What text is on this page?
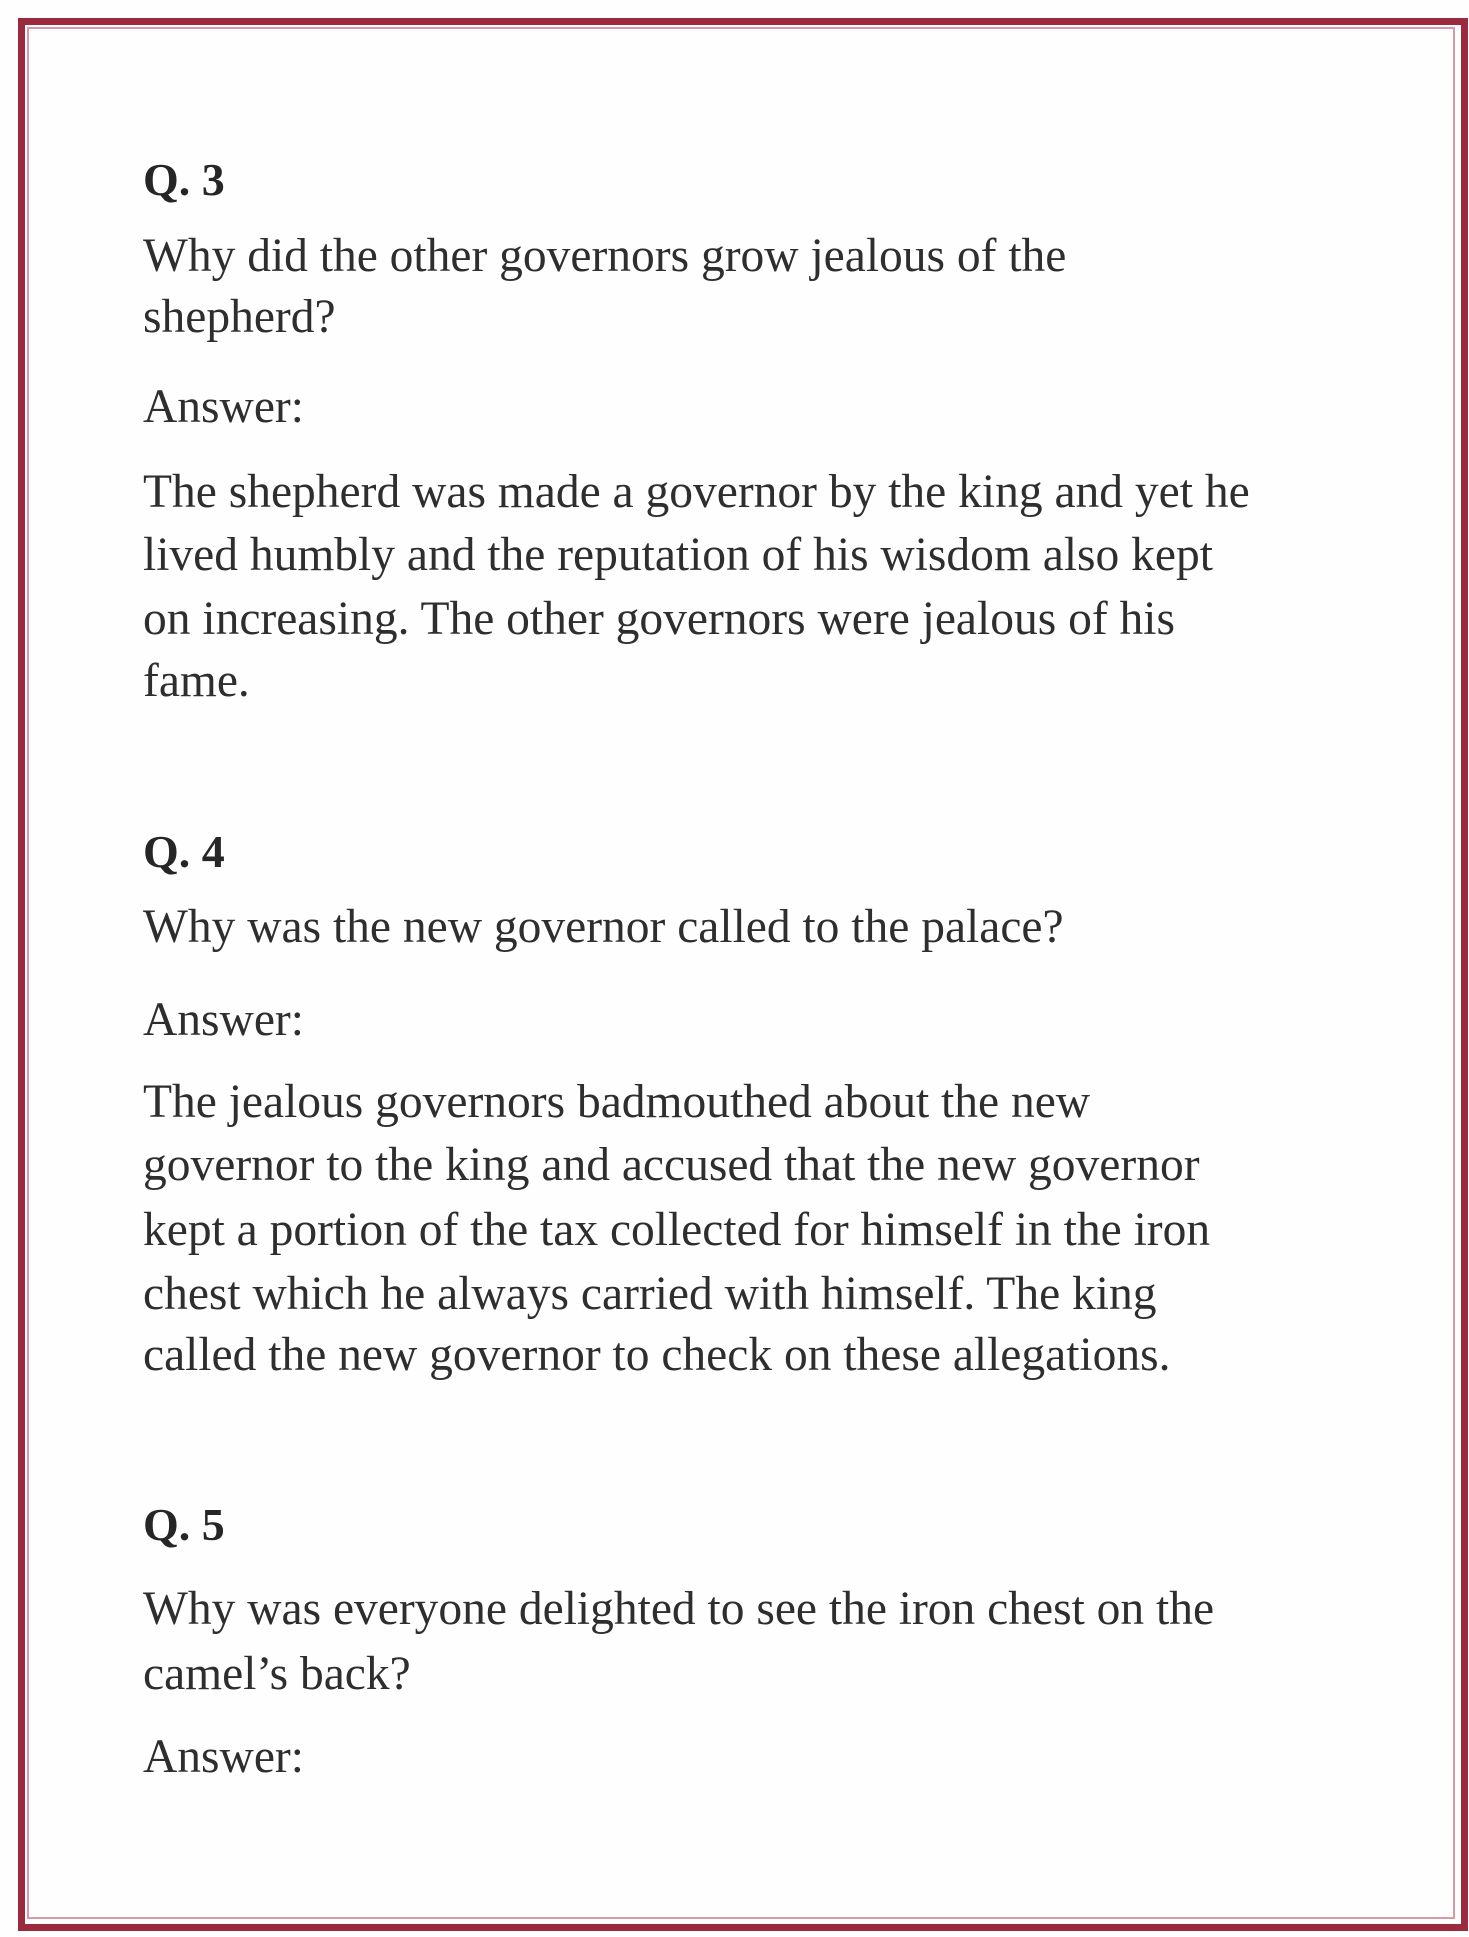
Q. 3
Why did the other governors grow jealous of the
shepherd?
Answer:
The shepherd was made a governor by the king and yet he
lived humbly and the reputation of his wisdom also kept
on increasing. The other governors were jealous of his
fame.
Q. 4
Why was the new governor called to the palace?
Answer:
The jealous governors badmouthed about the new
governor to the king and accused that the new governor
kept a portion of the tax collected for himself in the iron
chest which he always carried with himself. The king
called the new governor to check on these allegations.
Q. 5
Why was everyone delighted to see the iron chest on the
camel’s back?
Answer:
